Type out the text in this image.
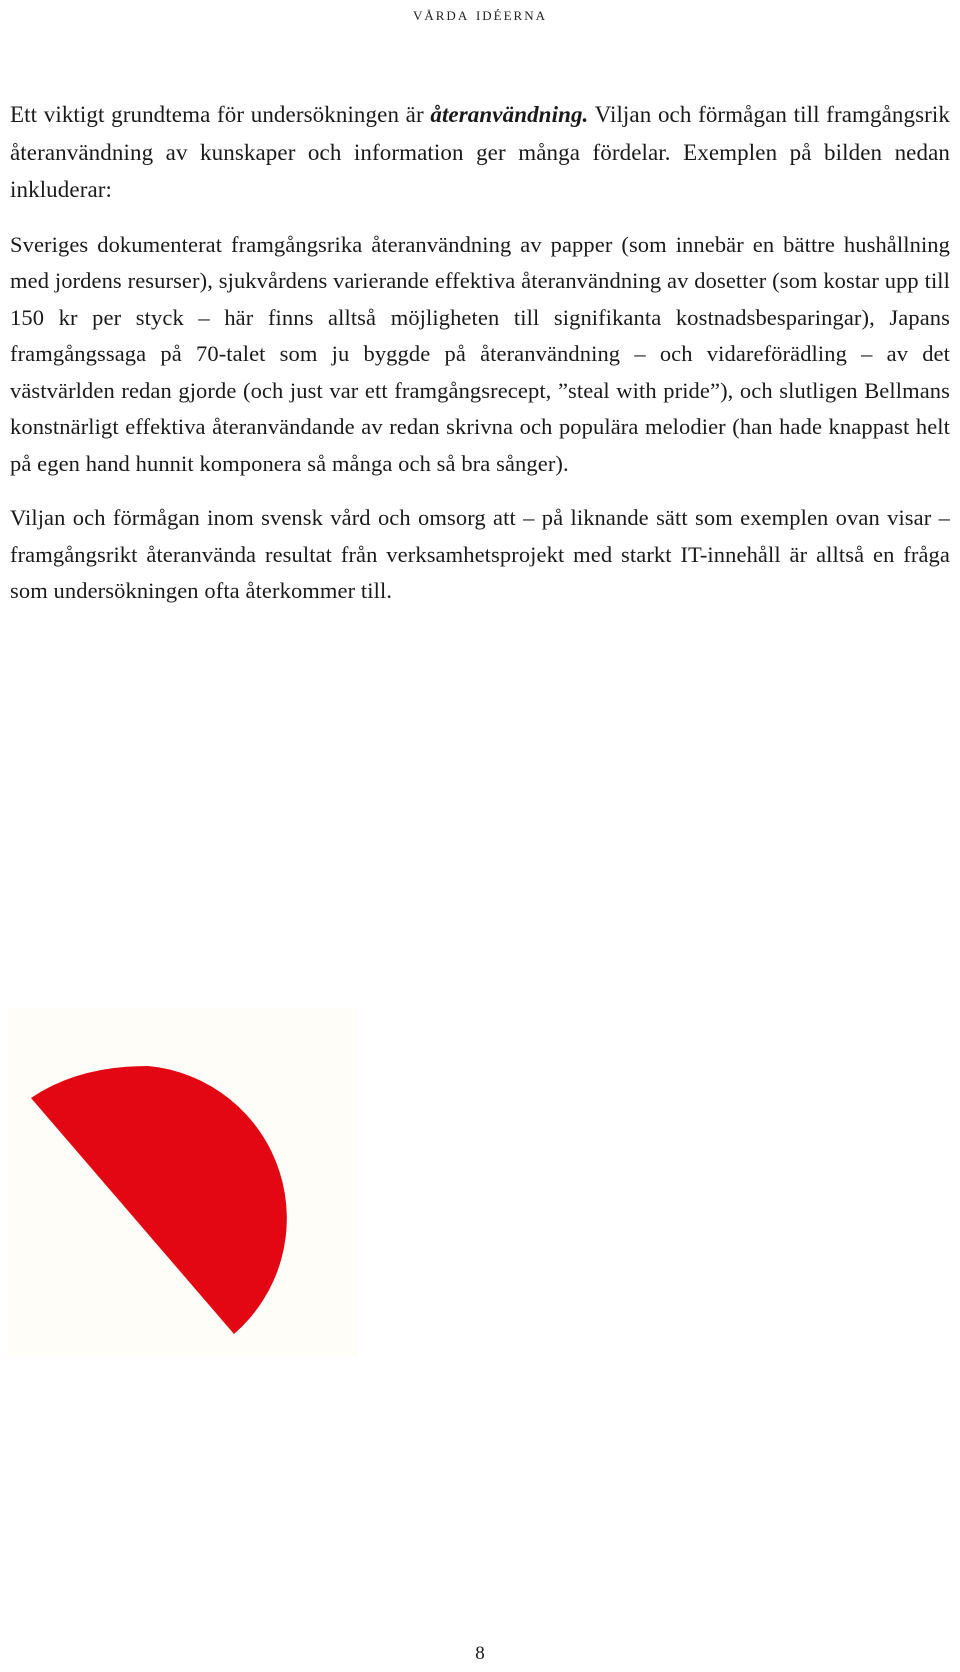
vårda idéerna

Ett viktigt grundtema för undersökningen är återanvändning. Viljan och förmågan till framgångsrik återanvändning av kunskaper och information ger många fördelar. Exemplen på bilden nedan inkluderar:

Sveriges dokumenterat framgångsrika återanvändning av papper (som innebär en bättre hushållning med jordens resurser), sjukvårdens varierande effektiva återanvändning av dosetter (som kostar upp till 150 kr per styck – här finns alltså möjligheten till signifikanta kostnadsbesparingar), Japans framgångssaga på 70-talet som ju byggde på återanvändning – och vidareförädling – av det västvärlden redan gjorde (och just var ett framgångsrecept, ”steal with pride”), och slutligen Bellmans konstnärligt effektiva återanvändande av redan skrivna och populära melodier (han hade knappast helt på egen hand hunnit komponera så många och så bra sånger).

Viljan och förmågan inom svensk vård och omsorg att – på liknande sätt som exemplen ovan visar – framgångsrikt återanvända resultat från verksamhetsprojekt med starkt IT-innehåll är alltså en fråga som undersökningen ofta återkommer till.

8
